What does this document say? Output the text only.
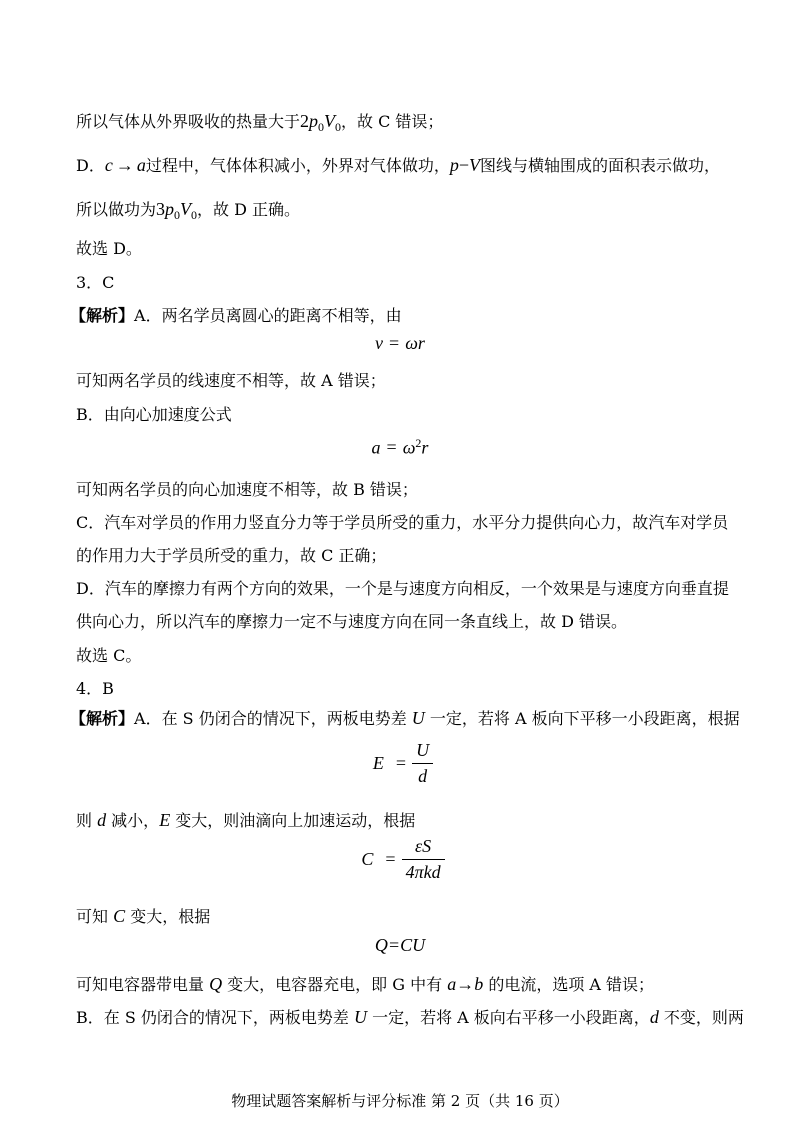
所以气体从外界吸收的热量大于$2p_0V_0$，故 C 错误；
D．c → a过程中，气体体积减小，外界对气体做功，p−V图线与横轴围成的面积表示做功，
所以做功为$3p_0V_0$，故 D 正确。
故选 D。
3．C
【解析】A．两名学员离圆心的距离不相等，由
v = ωr
可知两名学员的线速度不相等，故 A 错误；
B．由向心加速度公式
$a = \omega^2r$
可知两名学员的向心加速度不相等，故 B 错误；
C．汽车对学员的作用力竖直分力等于学员所受的重力，水平分力提供向心力，故汽车对学员
的作用力大于学员所受的重力，故 C 正确；
D．汽车的摩擦力有两个方向的效果，一个是与速度方向相反，一个效果是与速度方向垂直提
供向心力，所以汽车的摩擦力一定不与速度方向在同一条直线上，故 D 错误。
故选 C。
4．B
【解析】A．在 S 仍闭合的情况下，两板电势差 U 一定，若将 A 板向下平移一小段距离，根据
$E = \frac{U}{d}$
则 d 减小，E 变大，则油滴向上加速运动，根据
$C = \frac{\varepsilon S}{\text{4πkd}}$
可知 C 变大，根据
Q=CU
可知电容器带电量 Q 变大，电容器充电，即 G 中有 a→b 的电流，选项 A 错误；
B．在 S 仍闭合的情况下，两板电势差 U 一定，若将 A 板向右平移一小段距离，d 不变，则两
物理试题答案解析与评分标准 第 2 页（共 16 页）
